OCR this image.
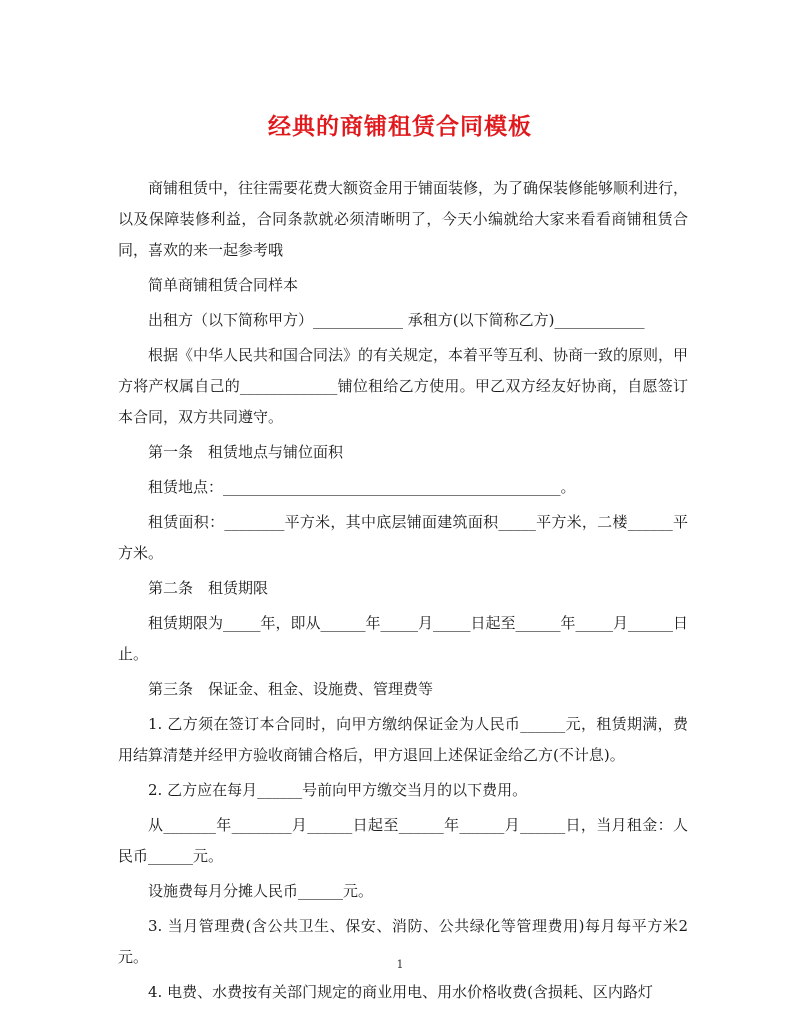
经典的商铺租赁合同模板

商铺租赁中，往往需要花费大额资金用于铺面装修，为了确保装修能够顺利进行，以及保障装修利益，合同条款就必须清晰明了，今天小编就给大家来看看商铺租赁合同，喜欢的来一起参考哦

简单商铺租赁合同样本

出租方（以下简称甲方）____________ 承租方(以下简称乙方)____________

根据《中华人民共和国合同法》的有关规定，本着平等互利、协商一致的原则，甲方将产权属自己的_____________铺位租给乙方使用。甲乙双方经友好协商，自愿签订本合同，双方共同遵守。

第一条　租赁地点与铺位面积

租赁地点：_____________________________________________。

租赁面积：________平方米，其中底层铺面建筑面积_____平方米，二楼______平方米。

第二条　租赁期限

租赁期限为_____年，即从______年_____月_____日起至______年_____月______日止。

第三条　保证金、租金、设施费、管理费等

1. 乙方须在签订本合同时，向甲方缴纳保证金为人民币______元，租赁期满，费用结算清楚并经甲方验收商铺合格后，甲方退回上述保证金给乙方(不计息)。

2. 乙方应在每月______号前向甲方缴交当月的以下费用。

从_______年________月______日起至______年______月______日，当月租金：人民币______元。

设施费每月分摊人民币______元。

3. 当月管理费(含公共卫生、保安、消防、公共绿化等管理费用)每月每平方米2元。

4. 电费、水费按有关部门规定的商业用电、用水价格收费(含损耗、区内路灯

1
